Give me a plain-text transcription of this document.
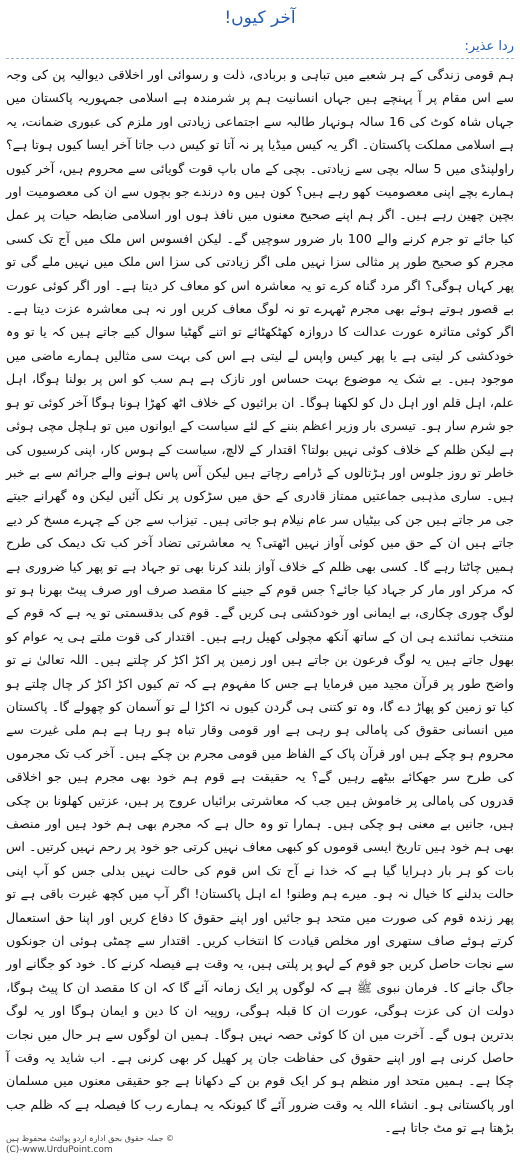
آخر کیوں!
ردا عذیر:

ہم قومی زندگی کے ہر شعبے میں تباہی و بربادی، ذلت و رسوائی اور اخلاقی دیوالیہ پن کی وجہ سے اس مقام پر آ پہنچے ہیں جہاں انسانیت ہم پر شرمندہ ہے اسلامی جمہوریہ پاکستان میں جہاں شاہ کوٹ کی 16 سالہ ہونہار طالبہ سے اجتماعی زیادتی اور ملزم کی عبوری ضمانت، یہ ہے اسلامی مملکت پاکستان۔ اگر یہ کیس میڈیا پر نہ آتا تو کیس دب جاتا آخر ایسا کیوں ہوتا ہے؟ راولپنڈی میں 5 سالہ بچی سے زیادتی۔ بچی کے ماں باپ قوت گویائی سے محروم ہیں، آخر کیوں ہمارے بچے اپنی معصومیت کھو رہے ہیں؟ کون ہیں وہ درندے جو بچوں سے ان کی معصومیت اور بچپن چھین رہے ہیں۔ اگر ہم اپنے صحیح معنوں میں نافذ ہوں اور اسلامی ضابطہ حیات پر عمل کیا جائے تو جرم کرنے والے 100 بار ضرور سوچیں گے۔ لیکن افسوس اس ملک میں آج تک کسی مجرم کو صحیح طور پر مثالی سزا نہیں ملی اگر زیادتی کی سزا اس ملک میں نہیں ملے گی تو پھر کہاں ہوگی؟ اگر مرد گناہ کرے تو یہ معاشرہ اس کو معاف کر دیتا ہے۔ اور اگر کوئی عورت بے قصور ہوتے ہوئے بھی مجرم ٹھہرے تو نہ لوگ معاف کریں اور نہ ہی معاشرہ عزت دیتا ہے۔ اگر کوئی متاثرہ عورت عدالت کا دروازہ کھٹکھٹائے تو اتنے گھٹیا سوال کیے جاتے ہیں کہ یا تو وہ خودکشی کر لیتی ہے یا پھر کیس واپس لے لیتی ہے اس کی بہت سی مثالیں ہمارے ماضی میں موجود ہیں۔ بے شک یہ موضوع بہت حساس اور نازک ہے ہم سب کو اس پر بولنا ہوگا، اہل علم، اہل قلم اور اہل دل کو لکھنا ہوگا۔ ان برائیوں کے خلاف اٹھ کھڑا ہونا ہوگا آخر کوئی تو ہو جو شرم سار ہو۔ تیسری بار وزیر اعظم بننے کے لئے سیاست کے ایوانوں میں تو ہلچل مچی ہوئی ہے لیکن ظلم کے خلاف کوئی نہیں بولتا؟ اقتدار کے لالچ، سیاست کے ہوس کار، اپنی کرسیوں کی خاطر تو روز جلوس اور ہڑتالوں کے ڈرامے رچاتے ہیں لیکن آس پاس ہونے والے جرائم سے بے خبر ہیں۔ ساری مذہبی جماعتیں ممتاز قادری کے حق میں سڑکوں پر نکل آئیں لیکن وہ گھرانے جیتے جی مر جاتے ہیں جن کی بیٹیاں سر عام نیلام ہو جاتی ہیں۔ تیزاب سے جن کے چہرے مسخ کر دیے جاتے ہیں ان کے حق میں کوئی آواز نہیں اٹھتی؟ یہ معاشرتی تضاد آخر کب تک دیمک کی طرح ہمیں چاٹتا رہے گا۔ کسی بھی ظلم کے خلاف آواز بلند کرنا بھی تو جہاد ہے تو پھر کیا ضروری ہے کہ مرکر اور مار کر جہاد کیا جائے؟ جس قوم کے جینے کا مقصد صرف اور صرف پیٹ بھرنا ہو تو لوگ چوری چکاری، بے ایمانی اور خودکشی ہی کریں گے۔ قوم کی بدقسمتی تو یہ ہے کہ قوم کے منتخب نمائندے ہی ان کے ساتھ آنکھ مچولی کھیل رہے ہیں۔ اقتدار کی قوت ملتے ہی یہ عوام کو بھول جاتے ہیں یہ لوگ فرعون بن جاتے ہیں اور زمین پر اکڑ اکڑ کر چلتے ہیں۔ اللہ تعالیٰ نے تو واضح طور پر قرآن مجید میں فرمایا ہے جس کا مفہوم ہے کہ تم کیوں اکڑ اکڑ کر چال چلتے ہو کیا تو زمین کو پھاڑ دے گا، وہ تو کتنی ہی گردن کیوں نہ اکڑا لے تو آسمان کو چھولے گا۔ پاکستان میں انسانی حقوق کی پامالی ہو رہی ہے اور قومی وقار تباہ ہو رہا ہے ہم ملی غیرت سے محروم ہو چکے ہیں اور قرآن پاک کے الفاظ میں قومی مجرم بن چکے ہیں۔ آخر کب تک مجرموں کی طرح سر جھکائے بیٹھے رہیں گے؟ یہ حقیقت ہے قوم ہم خود بھی مجرم ہیں جو اخلاقی قدروں کی پامالی پر خاموش ہیں جب کہ معاشرتی برائیاں عروج پر ہیں، عزتیں کھلونا بن چکی ہیں، جانیں بے معنی ہو چکی ہیں۔ ہمارا تو وہ حال ہے کہ مجرم بھی ہم خود ہیں اور منصف بھی ہم خود ہیں تاریخ ایسی قوموں کو کبھی معاف نہیں کرتی جو خود پر رحم نہیں کرتیں۔ اس بات کو ہر بار دہرایا گیا ہے کہ خدا نے آج تک اس قوم کی حالت نہیں بدلی جس کو آپ اپنی حالت بدلنے کا خیال نہ ہو۔ میرے ہم وطنو! اے اہل پاکستان! اگر آپ میں کچھ غیرت باقی ہے تو پھر زندہ قوم کی صورت میں متحد ہو جائیں اور اپنے حقوق کا دفاع کریں اور اپنا حق استعمال کرتے ہوئے صاف ستھری اور مخلص قیادت کا انتخاب کریں۔ اقتدار سے چمٹی ہوئی ان جونکوں سے نجات حاصل کریں جو قوم کے لہو پر پلتی ہیں، یہ وقت ہے فیصلہ کرنے کا۔ خود کو جگانے اور جاگ جانے کا۔ فرمان نبوی ﷺ ہے کہ لوگوں پر ایک زمانہ آئے گا کہ ان کا مقصد ان کا پیٹ ہوگا، دولت ان کی عزت ہوگی، عورت ان کا قبلہ ہوگی، روپیہ ان کا دین و ایمان ہوگا اور یہ لوگ بدترین ہوں گے۔ آخرت میں ان کا کوئی حصہ نہیں ہوگا۔ ہمیں ان لوگوں سے ہر حال میں نجات حاصل کرنی ہے اور اپنے حقوق کی حفاظت جان پر کھیل کر بھی کرنی ہے۔ اب شاید یہ وقت آ چکا ہے۔ ہمیں متحد اور منظم ہو کر ایک قوم بن کے دکھانا ہے جو حقیقی معنوں میں مسلمان اور پاکستانی ہو۔ انشاء اللہ یہ وقت ضرور آئے گا کیونکہ یہ ہمارے رب کا فیصلہ ہے کہ ظلم جب بڑھتا ہے تو مٹ جاتا ہے۔

© جملہ حقوق بحق ادارہ اردو پوائنٹ محفوظ ہیں
(C)-www.UrduPoint.com
